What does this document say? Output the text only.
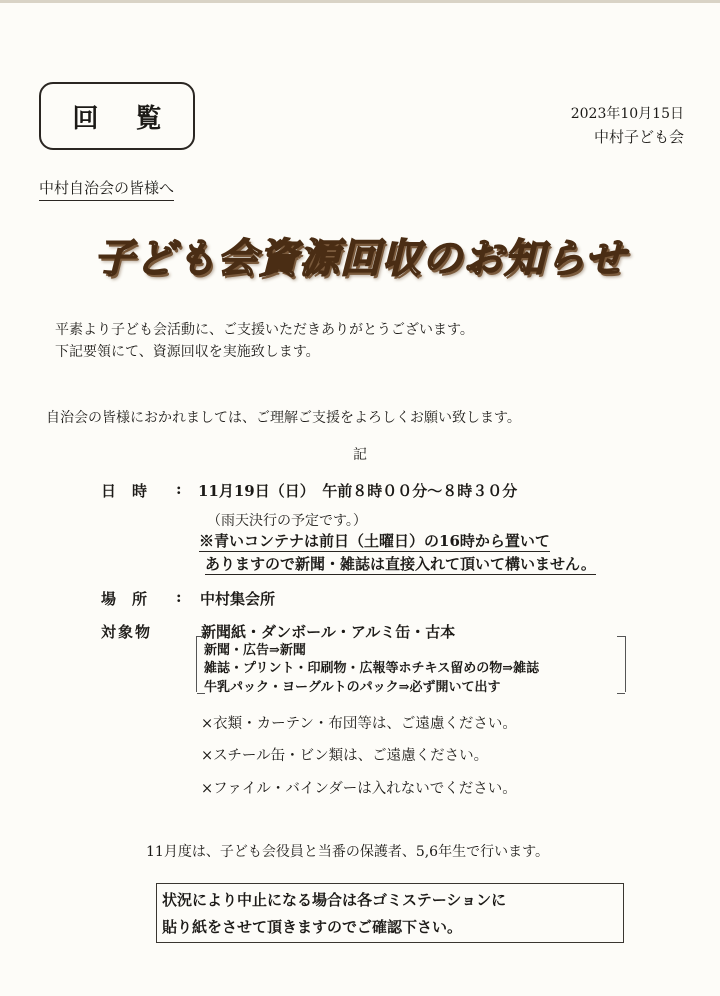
回 覧	2023年10月15日
中村子ども会
中村自治会の皆様へ
子ども会資源回収のお知らせ
平素より子ども会活動に、ご支援いただきありがとうございます。
下記要領にて、資源回収を実施致します。
自治会の皆様におかれましては、ご理解ご支援をよろしくお願い致します。
記
日時 : 11月19日（日）　午前８時００分～８時３０分
（雨天決行の予定です。）
※青いコンテナは前日（土曜日）の16時から置いて
ありますので新聞・雑誌は直接入れて頂いて構いません。
場所 : 中村集会所
対象物	新聞紙・ダンボール・アルミ缶・古本
新聞・広告⇒新聞
雑誌・プリント・印刷物・広報等ホチキス留めの物⇒雑誌
牛乳パック・ヨーグルトのパック⇒必ず開いて出す
×衣類・カーテン・布団等は、ご遠慮ください。
×スチール缶・ビン類は、ご遠慮ください。
×ファイル・バインダーは入れないでください。
11月度は、子ども会役員と当番の保護者、5,6年生で行います。
状況により中止になる場合は各ゴミステーションに
貼り紙をさせて頂きますのでご確認下さい。
